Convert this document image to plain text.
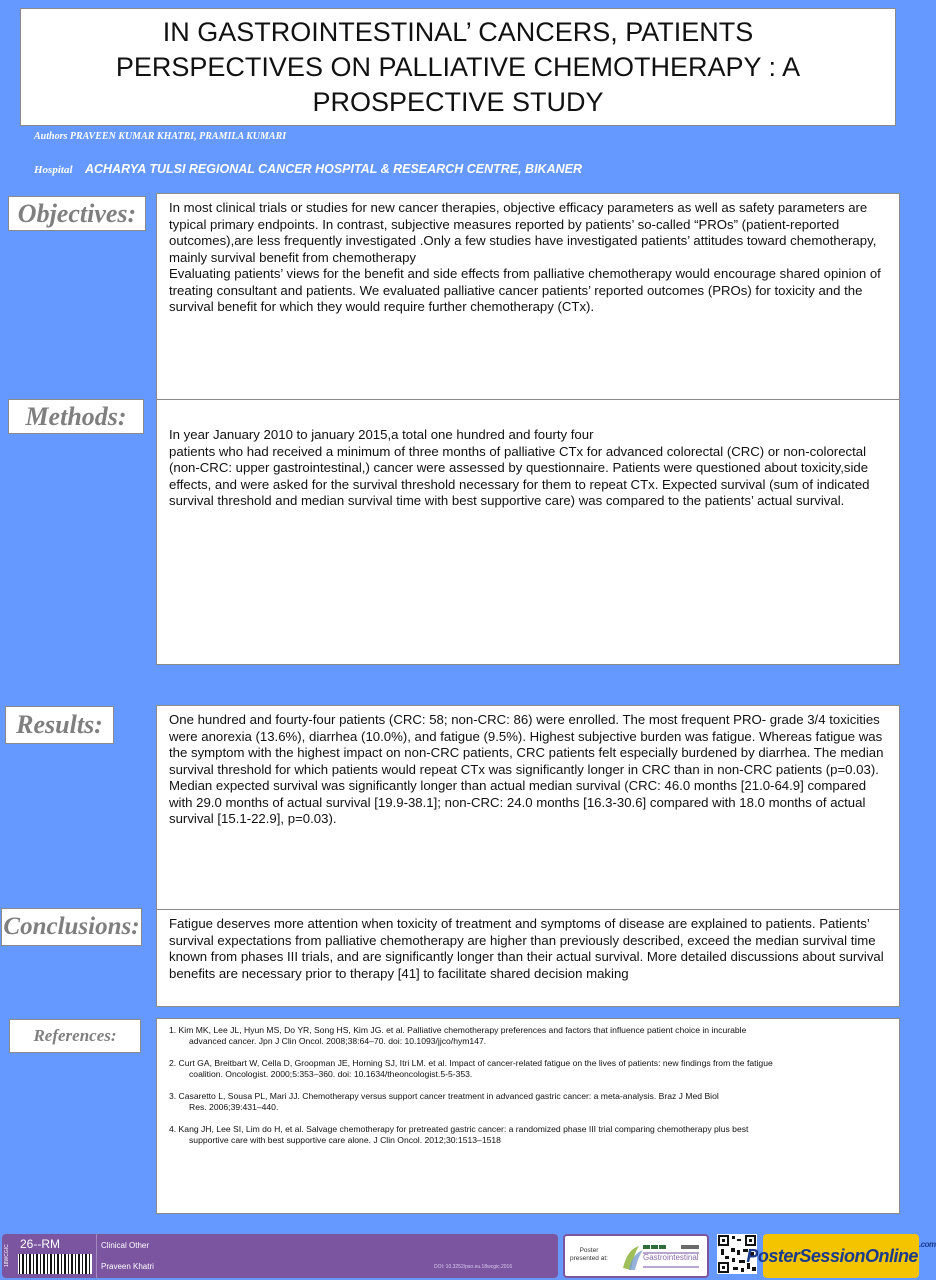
IN GASTROINTESTINAL’ CANCERS, PATIENTS PERSPECTIVES ON PALLIATIVE CHEMOTHERAPY : A PROSPECTIVE STUDY
Authors PRAVEEN KUMAR KHATRI, PRAMILA KUMARI
Hospital ACHARYA TULSI REGIONAL CANCER HOSPITAL & RESEARCH CENTRE, BIKANER

In most clinical trials or studies for new cancer therapies, objective efficacy parameters as well as safety parameters are typical primary endpoints. In contrast, subjective measures reported by patients’ so-called “PROs” (patient-reported outcomes),are less frequently investigated .Only a few studies have investigated patients’ attitudes toward chemotherapy, mainly survival benefit from chemotherapy

Evaluating patients’ views for the benefit and side effects from palliative chemotherapy would encourage shared opinion of treating consultant and patients. We evaluated palliative cancer patients’ reported outcomes (PROs) for toxicity and the survival benefit for which they would require further chemotherapy (CTx).

Objectives:

In year January 2010 to january 2015,a total one hundred and fourty four

patients who had received a minimum of three months of palliative CTx for advanced colorectal (CRC) or non-colorectal (non-CRC: upper gastrointestinal,) cancer were assessed by questionnaire. Patients were questioned about toxicity,side effects, and were asked for the survival threshold necessary for them to repeat CTx. Expected survival (sum of indicated survival threshold and median survival time with best supportive care) was compared to the patients’ actual survival.

Methods:

One hundred and fourty-four patients (CRC: 58; non-CRC: 86) were enrolled. The most frequent PRO- grade 3/4 toxicities were anorexia (13.6%), diarrhea (10.0%), and fatigue (9.5%). Highest subjective burden was fatigue. Whereas fatigue was the symptom with the highest impact on non-CRC patients, CRC patients felt especially burdened by diarrhea. The median survival threshold for which patients would repeat CTx was significantly longer in CRC than in non-CRC patients (p=0.03). Median expected survival was significantly longer than actual median survival (CRC: 46.0 months [21.0-64.9] compared with 29.0 months of actual survival [19.9-38.1]; non-CRC: 24.0 months [16.3-30.6] compared with 18.0 months of actual survival [15.1-22.9], p=0.03).

Results:

Fatigue deserves more attention when toxicity of treatment and symptoms of disease are explained to patients. Patients’ survival expectations from palliative chemotherapy are higher than previously described, exceed the median survival time known from phases III trials, and are significantly longer than their actual survival. More detailed discussions about survival benefits are necessary prior to therapy [41] to facilitate shared decision making

Conclusions:
1. Kim MK, Lee JL, Hyun MS, Do YR, Song HS, Kim JG. et al. Palliative chemotherapy preferences and factors that influence patient choice in incurable
advanced cancer. Jpn J Clin Oncol. 2008;38:64–70. doi: 10.1093/jjco/hym147.
2. Curt GA, Breitbart W, Cella D, Groopman JE, Horning SJ, Itri LM. et al. Impact of cancer-related fatigue on the lives of patients: new findings from the fatigue
coalition. Oncologist. 2000;5:353–360. doi: 10.1634/theoncologist.5-5-353.
3. Casaretto L, Sousa PL, Mari JJ. Chemotherapy versus support cancer treatment in advanced gastric cancer: a meta-analysis. Braz J Med Biol
Res. 2006;39:431–440.
4. Kang JH, Lee SI, Lim do H, et al. Salvage chemotherapy for pretreated gastric cancer: a randomized phase III trial comparing chemotherapy plus best
supportive care with best supportive care alone. J Clin Oncol. 2012;30:1513–1518
References:
18WCGIC
26--RM	Clinical Other
Praveen Khatri	DOI: 10.3252/pso.eu.18wcgic.2016
Poster presented at:	Gastrointestinal	PosterSessionOnline
.com
